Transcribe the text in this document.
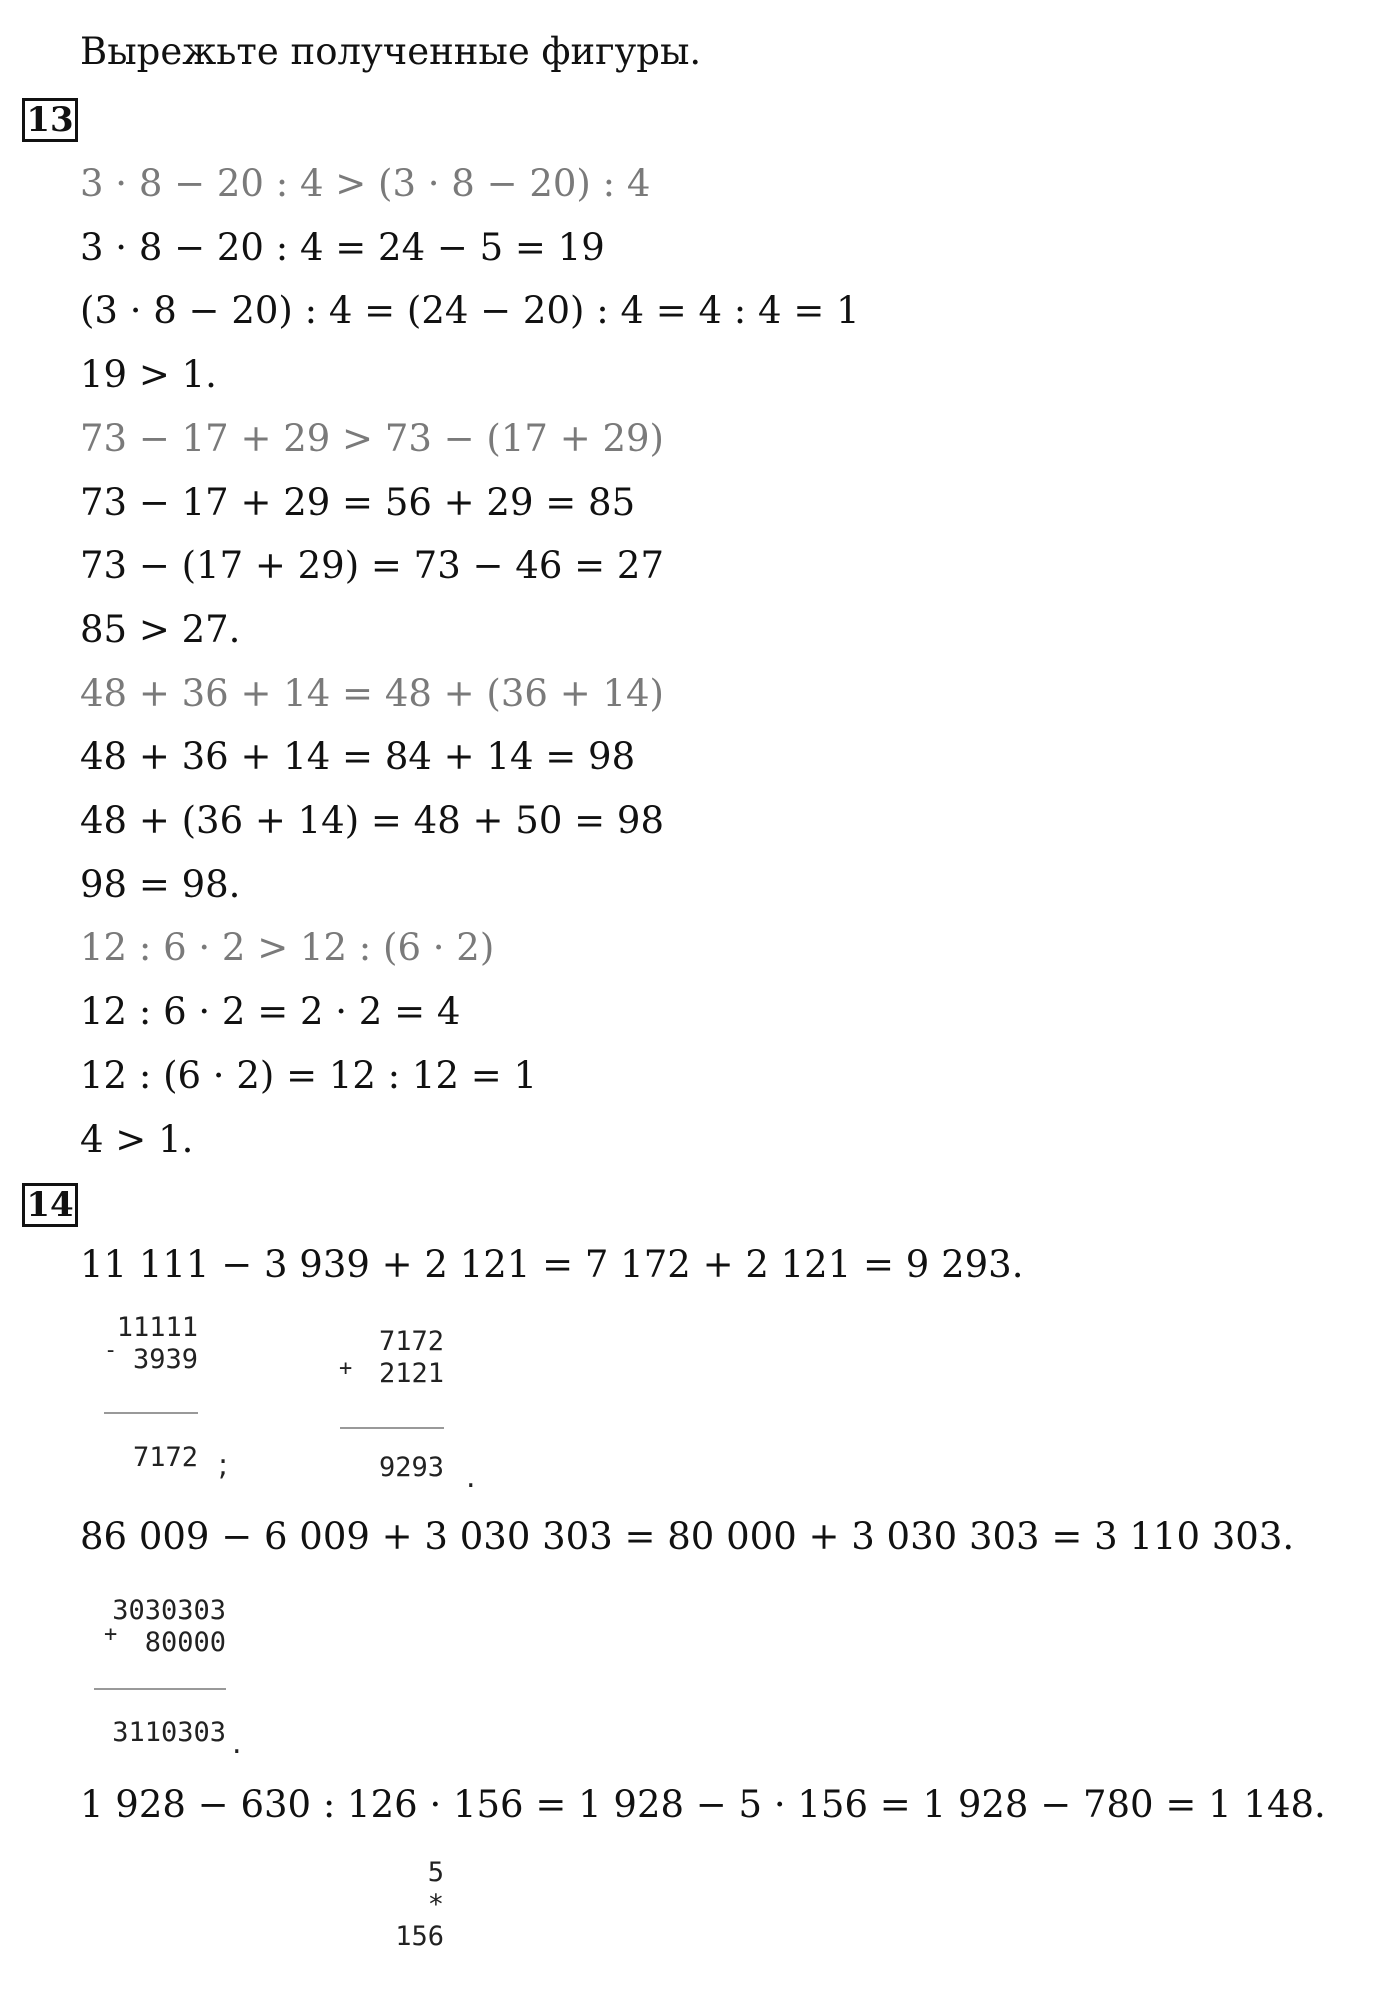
Вырежьте полученные фигуры.
13
3 · 8 − 20 : 4 > (3 · 8 − 20) : 4
3 · 8 − 20 : 4 = 24 − 5 = 19
(3 · 8 − 20) : 4 = (24 − 20) : 4 = 4 : 4 = 1
19 > 1.
73 − 17 + 29 > 73 − (17 + 29)
73 − 17 + 29 = 56 + 29 = 85
73 − (17 + 29) = 73 − 46 = 27
85 > 27.
48 + 36 + 14 = 48 + (36 + 14)
48 + 36 + 14 = 84 + 14 = 98
48 + (36 + 14) = 48 + 50 = 98
98 = 98.
12 : 6 · 2 > 12 : (6 · 2)
12 : 6 · 2 = 2 · 2 = 4
12 : (6 · 2) = 12 : 12 = 1
4 > 1.
14
11 111 − 3 939 + 2 121 = 7 172 + 2 121 = 9 293.
11111
3939
-
7172 ;
7172
2121
+
9293 .
86 009 − 6 009 + 3 030 303 = 80 000 + 3 030 303 = 3 110 303.
3030303
80000
+
3110303 .
1 928 − 630 : 126 · 156 = 1 928 − 5 · 156 = 1 928 − 780 = 1 148.
5
*
156
